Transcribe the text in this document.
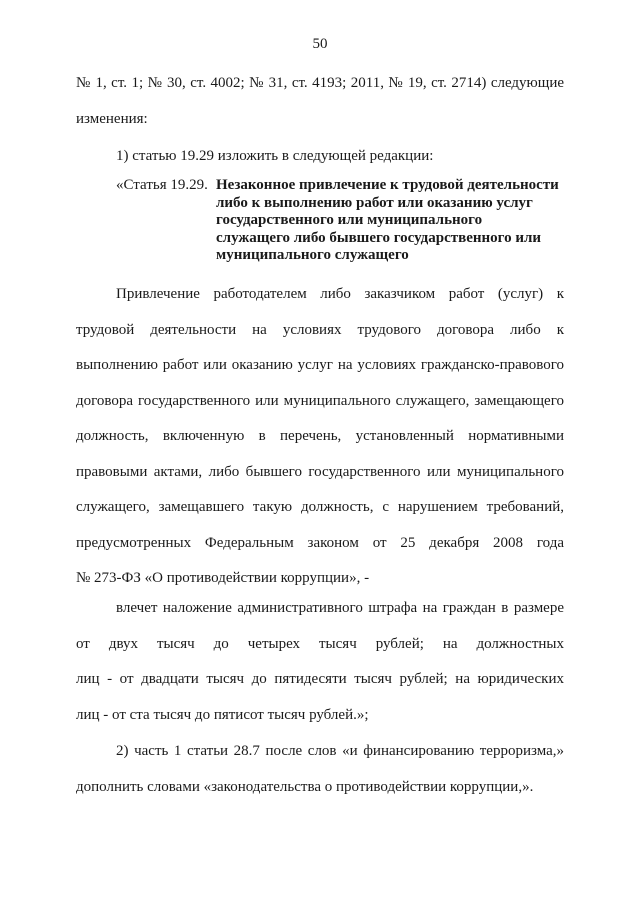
50
№ 1, ст. 1; № 30, ст. 4002; № 31, ст. 4193; 2011, № 19, ст. 2714) следующие
изменения:
1) статью 19.29 изложить в следующей редакции:
«Статья 19.29. Незаконное привлечение к трудовой деятельности
либо к выполнению работ или оказанию услуг
государственного или муниципального
служащего либо бывшего государственного или
муниципального служащего
Привлечение работодателем либо заказчиком работ (услуг) к
трудовой деятельности на условиях трудового договора либо к
выполнению работ или оказанию услуг на условиях гражданско-правового
договора государственного или муниципального служащего, замещающего
должность, включенную в перечень, установленный нормативными
правовыми актами, либо бывшего государственного или муниципального
служащего, замещавшего такую должность, с нарушением требований,
предусмотренных Федеральным законом от 25 декабря 2008 года
№ 273-ФЗ «О противодействии коррупции», -
влечет наложение административного штрафа на граждан в размере
от двух тысяч до четырех тысяч рублей; на должностных
лиц - от двадцати тысяч до пятидесяти тысяч рублей; на юридических
лиц - от ста тысяч до пятисот тысяч рублей.»;
2) часть 1 статьи 28.7 после слов «и финансированию терроризма,»
дополнить словами «законодательства о противодействии коррупции,».
